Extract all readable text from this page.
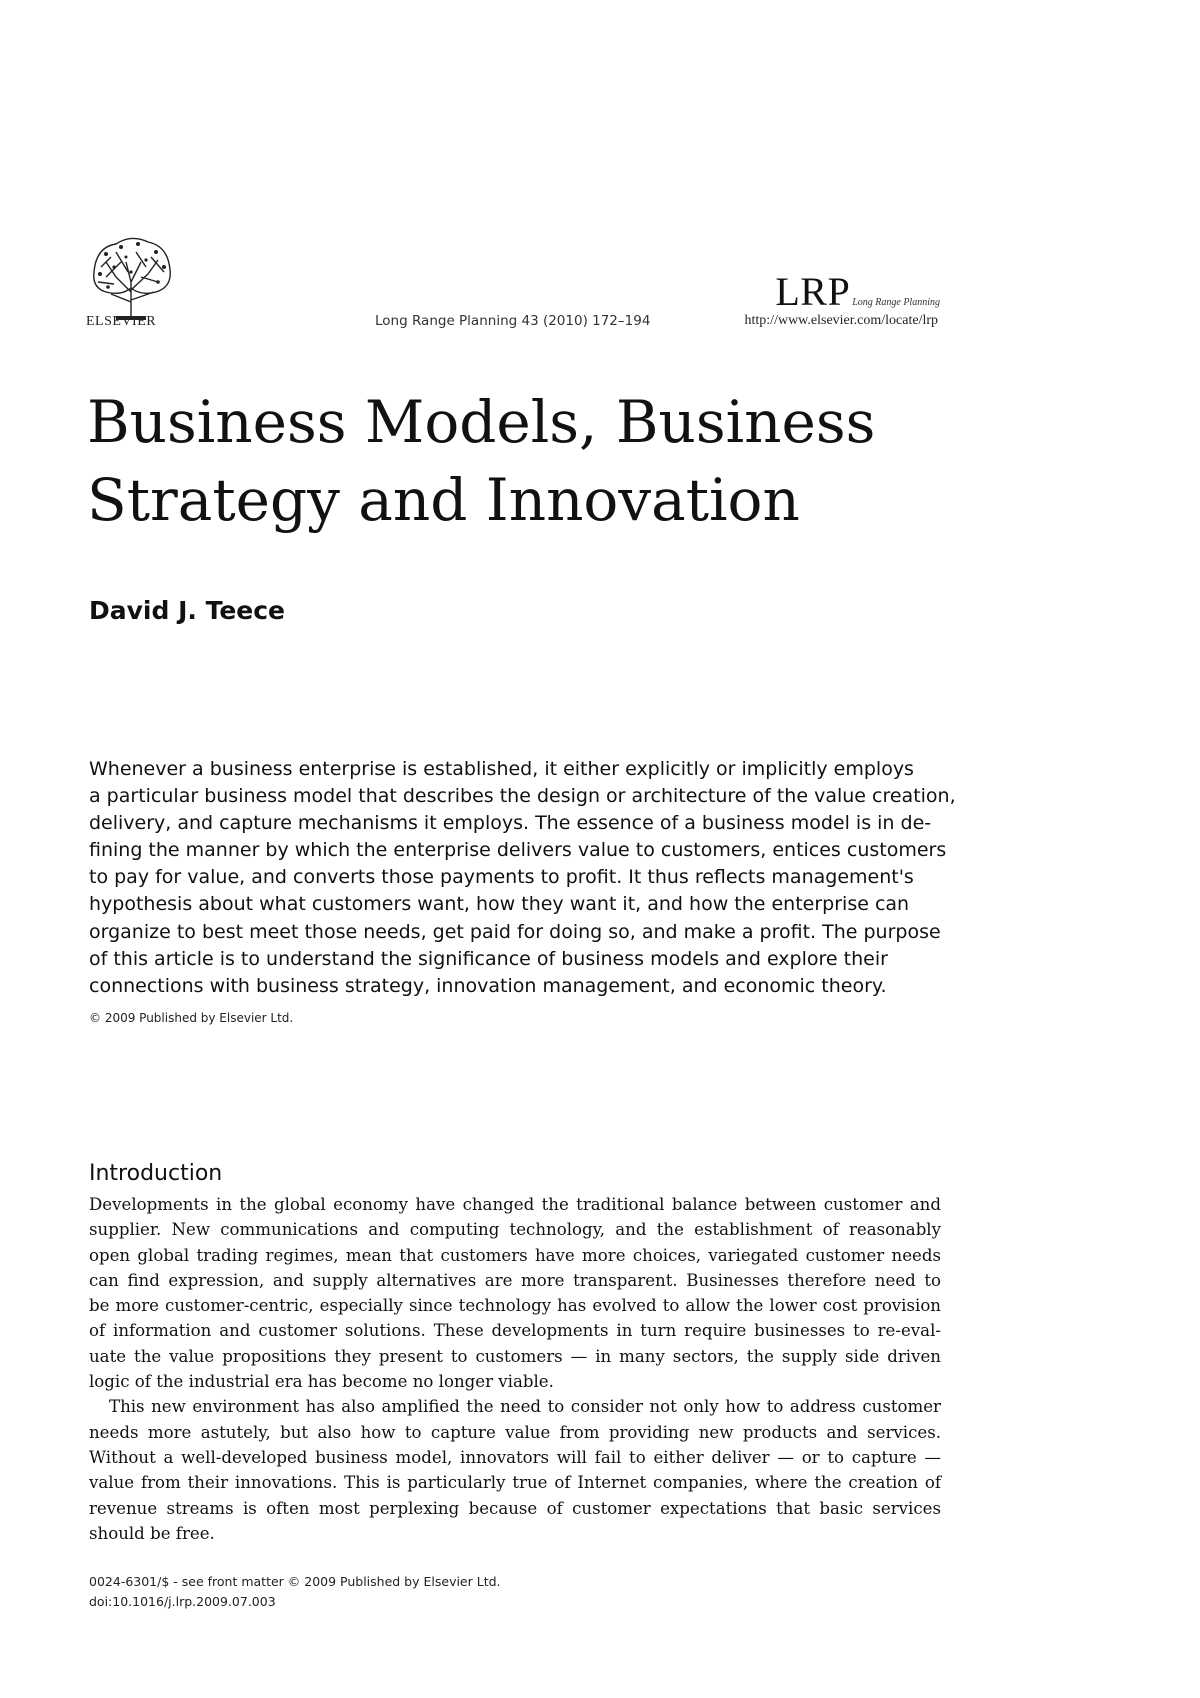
ELSEVIER	Long Range Planning 43 (2010) 172–194
LRP Long Range Planning
http://www.elsevier.com/locate/lrp
Business Models, Business
Strategy and Innovation
David J. Teece
Whenever a business enterprise is established, it either explicitly or implicitly employs
a particular business model that describes the design or architecture of the value creation,
delivery, and capture mechanisms it employs. The essence of a business model is in de-
fining the manner by which the enterprise delivers value to customers, entices customers
to pay for value, and converts those payments to profit. It thus reflects management's
hypothesis about what customers want, how they want it, and how the enterprise can
organize to best meet those needs, get paid for doing so, and make a profit. The purpose
of this article is to understand the significance of business models and explore their
connections with business strategy, innovation management, and economic theory.
© 2009 Published by Elsevier Ltd.
Introduction
Developments in the global economy have changed the traditional balance between customer and
supplier. New communications and computing technology, and the establishment of reasonably
open global trading regimes, mean that customers have more choices, variegated customer needs
can find expression, and supply alternatives are more transparent. Businesses therefore need to
be more customer-centric, especially since technology has evolved to allow the lower cost provision
of information and customer solutions. These developments in turn require businesses to re-eval-
uate the value propositions they present to customers — in many sectors, the supply side driven
logic of the industrial era has become no longer viable.
This new environment has also amplified the need to consider not only how to address customer
needs more astutely, but also how to capture value from providing new products and services.
Without a well-developed business model, innovators will fail to either deliver — or to capture —
value from their innovations. This is particularly true of Internet companies, where the creation of
revenue streams is often most perplexing because of customer expectations that basic services
should be free.
0024-6301/$ - see front matter © 2009 Published by Elsevier Ltd.
doi:10.1016/j.lrp.2009.07.003
